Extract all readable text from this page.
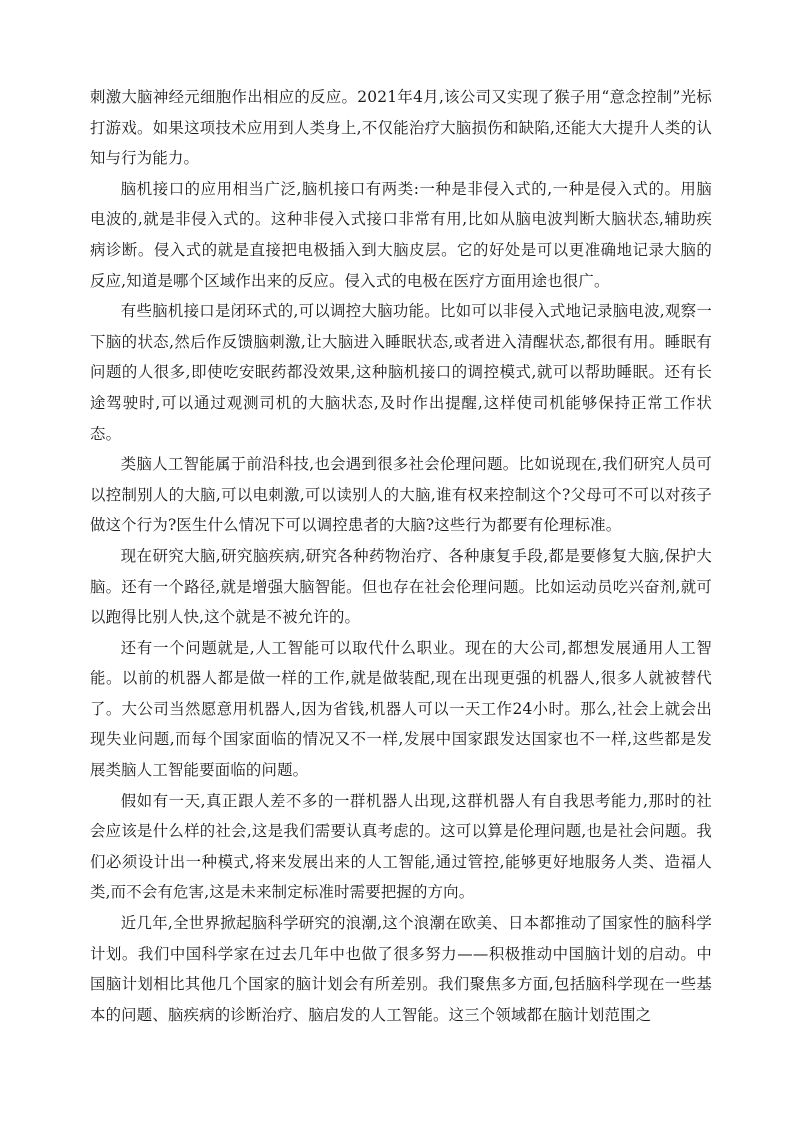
刺激大脑神经元细胞作出相应的反应。2021年4月,该公司又实现了猴子用“意念控制”光标打游戏。如果这项技术应用到人类身上,不仅能治疗大脑损伤和缺陷,还能大大提升人类的认知与行为能力。

脑机接口的应用相当广泛,脑机接口有两类:一种是非侵入式的,一种是侵入式的。用脑电波的,就是非侵入式的。这种非侵入式接口非常有用,比如从脑电波判断大脑状态,辅助疾病诊断。侵入式的就是直接把电极插入到大脑皮层。它的好处是可以更准确地记录大脑的反应,知道是哪个区域作出来的反应。侵入式的电极在医疗方面用途也很广。

有些脑机接口是闭环式的,可以调控大脑功能。比如可以非侵入式地记录脑电波,观察一下脑的状态,然后作反馈脑刺激,让大脑进入睡眠状态,或者进入清醒状态,都很有用。睡眠有问题的人很多,即使吃安眠药都没效果,这种脑机接口的调控模式,就可以帮助睡眠。还有长途驾驶时,可以通过观测司机的大脑状态,及时作出提醒,这样使司机能够保持正常工作状态。

类脑人工智能属于前沿科技,也会遇到很多社会伦理问题。比如说现在,我们研究人员可以控制别人的大脑,可以电刺激,可以读别人的大脑,谁有权来控制这个?父母可不可以对孩子做这个行为?医生什么情况下可以调控患者的大脑?这些行为都要有伦理标准。

现在研究大脑,研究脑疾病,研究各种药物治疗、各种康复手段,都是要修复大脑,保护大脑。还有一个路径,就是增强大脑智能。但也存在社会伦理问题。比如运动员吃兴奋剂,就可以跑得比别人快,这个就是不被允许的。

还有一个问题就是,人工智能可以取代什么职业。现在的大公司,都想发展通用人工智能。以前的机器人都是做一样的工作,就是做装配,现在出现更强的机器人,很多人就被替代了。大公司当然愿意用机器人,因为省钱,机器人可以一天工作24小时。那么,社会上就会出现失业问题,而每个国家面临的情况又不一样,发展中国家跟发达国家也不一样,这些都是发展类脑人工智能要面临的问题。

假如有一天,真正跟人差不多的一群机器人出现,这群机器人有自我思考能力,那时的社会应该是什么样的社会,这是我们需要认真考虑的。这可以算是伦理问题,也是社会问题。我们必须设计出一种模式,将来发展出来的人工智能,通过管控,能够更好地服务人类、造福人类,而不会有危害,这是未来制定标准时需要把握的方向。

近几年,全世界掀起脑科学研究的浪潮,这个浪潮在欧美、日本都推动了国家性的脑科学计划。我们中国科学家在过去几年中也做了很多努力——积极推动中国脑计划的启动。中国脑计划相比其他几个国家的脑计划会有所差别。我们聚焦多方面,包括脑科学现在一些基本的问题、脑疾病的诊断治疗、脑启发的人工智能。这三个领域都在脑计划范围之
